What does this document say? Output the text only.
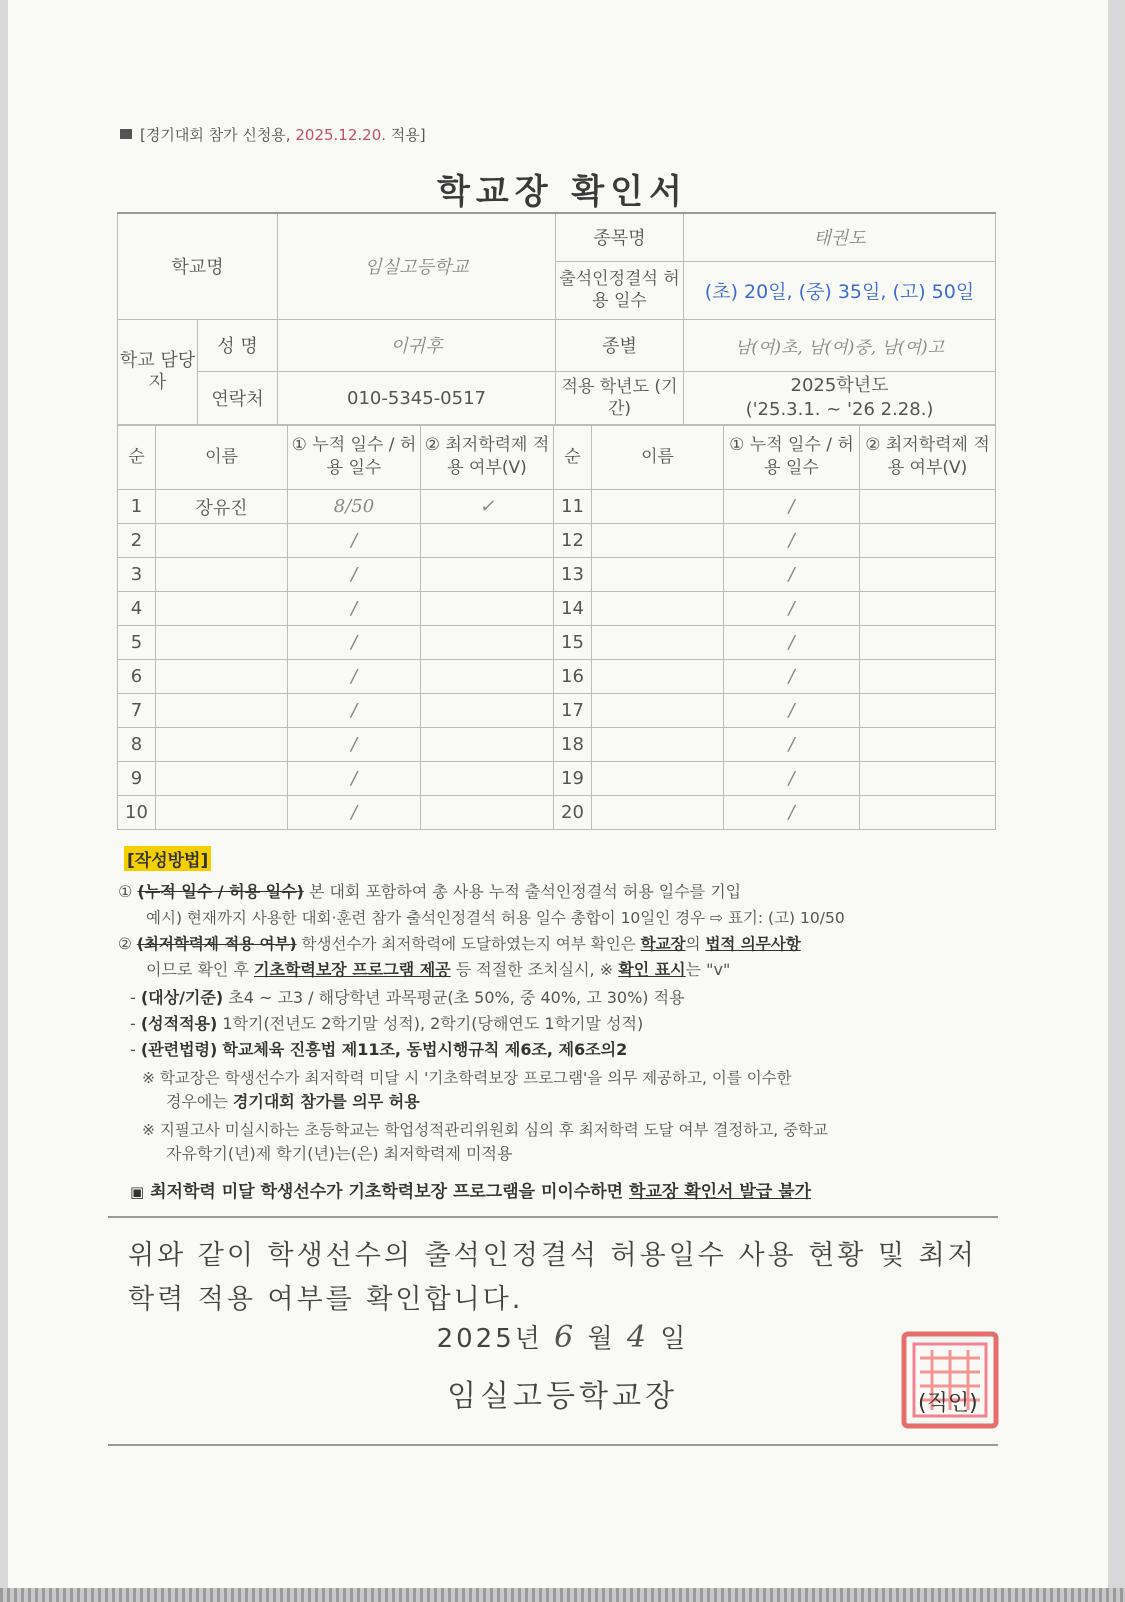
[경기대회 참가 신청용, 2025.12.20. 적용]
학교장 확인서
학교명		임실고등학교	종목명	태권도
			출석인정결석 허용 일수	(초) 20일, (중) 35일, (고) 50일
학교 담당자	성 명	이귀후	종별	남(여)초, 남(여)중, 남(여)고
	연락처	010-5345-0517	적용 학년도 (기간)	2025학년도
('25.3.1. ~ '26 2.28.)
순	이름	① 누적 일수 / 허용 일수	② 최저학력제 적용 여부(V)	순	이름	① 누적 일수 / 허용 일수	② 최저학력제 적용 여부(V)
1	장유진	8/50	✓	11		/	
2		/		12		/	
3		/		13		/	
4		/		14		/	
5		/		15		/	
6		/		16		/	
7		/		17		/	
8		/		18		/	
9		/		19		/	
10		/		20		/	
[작성방법]
① (누적 일수 / 허용 일수) 본 대회 포함하여 총 사용 누적 출석인정결석 허용 일수를 기입
예시) 현재까지 사용한 대회·훈련 참가 출석인정결석 허용 일수 총합이 10일인 경우 ⇨ 표기: (고) 10/50
② (최저학력제 적용 여부) 학생선수가 최저학력에 도달하였는지 여부 확인은 학교장의 법적 의무사항
이므로 확인 후 기초학력보장 프로그램 제공 등 적절한 조치실시, ※ 확인 표시는 "v"
- (대상/기준) 초4 ~ 고3 / 해당학년 과목평균(초 50%, 중 40%, 고 30%) 적용
- (성적적용) 1학기(전년도 2학기말 성적), 2학기(당해연도 1학기말 성적)
- (관련법령) 학교체육 진흥법 제11조, 동법시행규칙 제6조, 제6조의2
※ 학교장은 학생선수가 최저학력 미달 시 '기초학력보장 프로그램'을 의무 제공하고, 이를 이수한
경우에는 경기대회 참가를 의무 허용
※ 지필고사 미실시하는 초등학교는 학업성적관리위원회 심의 후 최저학력 도달 여부 결정하고, 중학교
자유학기(년)제 학기(년)는(은) 최저학력제 미적용
▣ 최저학력 미달 학생선수가 기초학력보장 프로그램을 미이수하면 학교장 확인서 발급 불가
위와 같이 학생선수의 출석인정결석 허용일수 사용 현황 및 최저학력 적용 여부를 확인합니다.
2025년 6 월 4 일
임실고등학교장	(직인)
